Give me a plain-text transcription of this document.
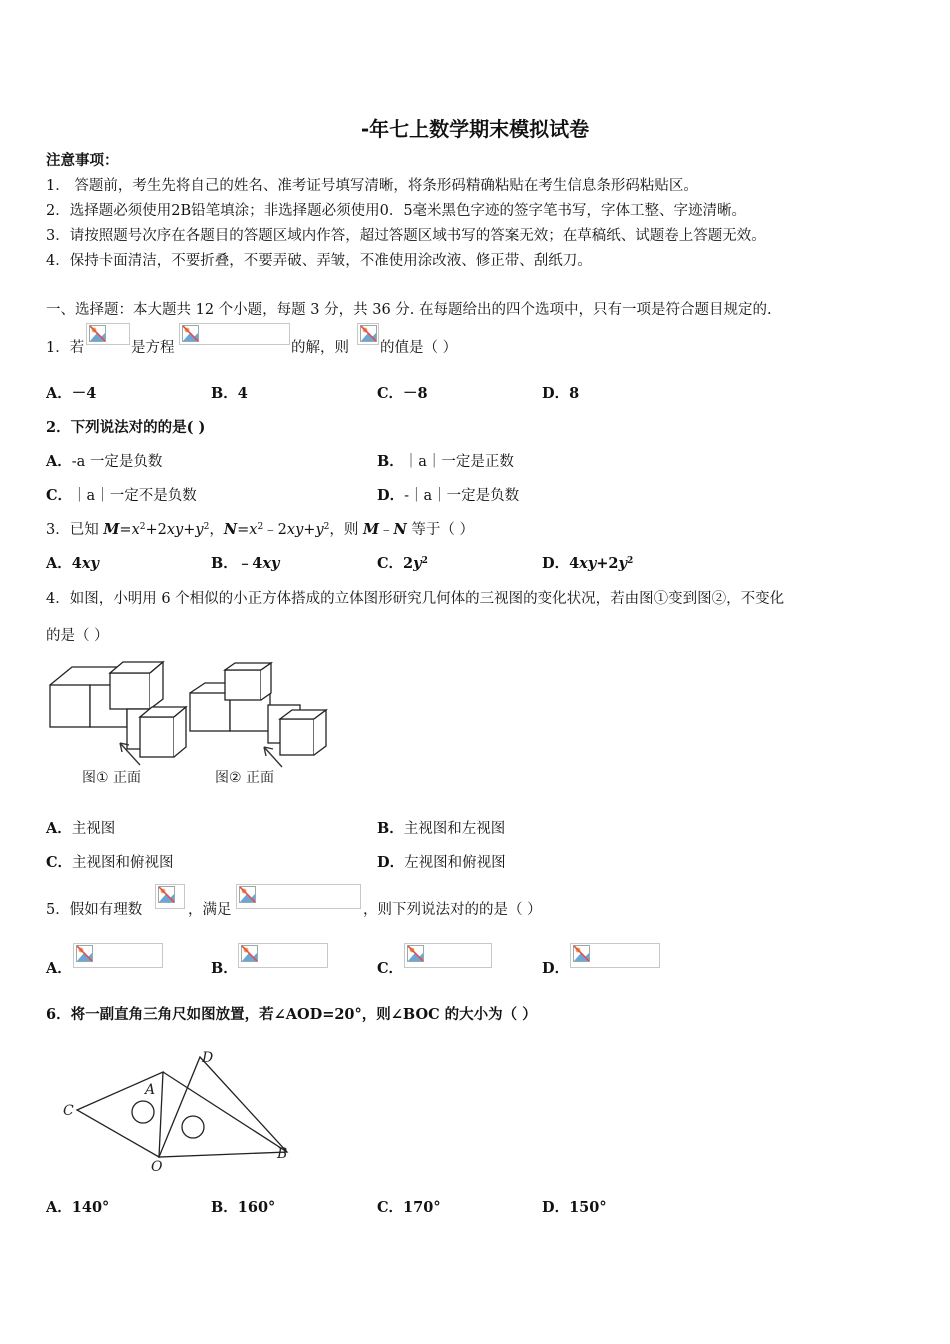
-年七上数学期末模拟试卷
注意事项：
1． 答题前，考生先将自己的姓名、准考证号填写清晰，将条形码精确粘贴在考生信息条形码粘贴区。
2．选择题必须使用2B铅笔填涂；非选择题必须使用0．5毫米黑色字迹的签字笔书写，字体工整、字迹清晰。
3．请按照题号次序在各题目的答题区域内作答，超过答题区域书写的答案无效；在草稿纸、试题卷上答题无效。
4．保持卡面清洁，不要折叠，不要弄破、弄皱，不准使用涂改液、修正带、刮纸刀。
一、选择题：本大题共 12 个小题，每题 3 分，共 36 分. 在每题给出的四个选项中，只有一项是符合题目规定的.
1．若	是方程	的解，则 的值是（ ）
A．－4	B．4	C．－8	D．8
2．下列说法对的的是( )
A．-a 一定是负数	B．｜a｜一定是正数
C．｜a｜一定不是负数	D．-｜a｜一定是负数
3．已知 $M=x^2+2xy+y^2$，$N=x^2﹣2xy+y^2$，则 M﹣N 等于（ ）
A．4xy	B．﹣4xy	C．$2y^2$	D．$4xy+2y^2$
4．如图，小明用 6 个相似的小正方体搭成的立体图形研究几何体的三视图的变化状况，若由图①变到图②，不变化
的是（ ）
图① 正面	图② 正面
A．主视图	B．主视图和左视图
C．主视图和俯视图	D．左视图和俯视图
5．假如有理数	，满足	，则下列说法对的的是（ ）
A．	B．	C．	D．
6．将一副直角三角尺如图放置，若∠AOD=20°，则∠BOC 的大小为（ ）
C
A
D
O
B
A．140°	B．160°	C．170°	D．150°
